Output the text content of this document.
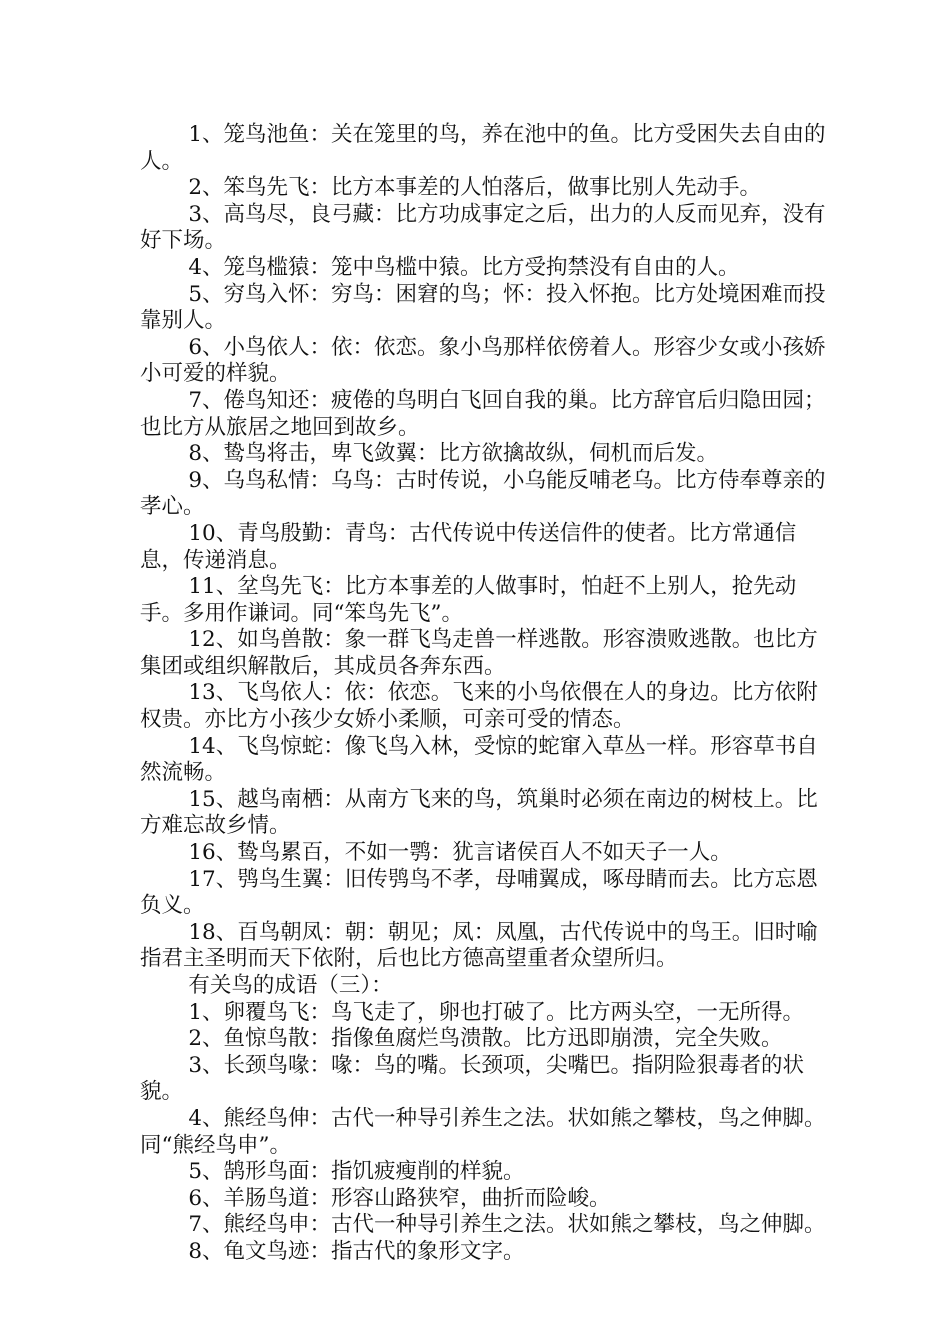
1、笼鸟池鱼：关在笼里的鸟，养在池中的鱼。比方受困失去自由的人。

2、笨鸟先飞：比方本事差的人怕落后，做事比别人先动手。

3、高鸟尽，良弓藏：比方功成事定之后，出力的人反而见弃，没有好下场。

4、笼鸟槛猿：笼中鸟槛中猿。比方受拘禁没有自由的人。

5、穷鸟入怀：穷鸟：困窘的鸟；怀：投入怀抱。比方处境困难而投靠别人。

6、小鸟依人：依：依恋。象小鸟那样依傍着人。形容少女或小孩娇小可爱的样貌。

7、倦鸟知还：疲倦的鸟明白飞回自我的巢。比方辞官后归隐田园；也比方从旅居之地回到故乡。

8、鸷鸟将击，卑飞敛翼：比方欲擒故纵，伺机而后发。

9、乌鸟私情：乌鸟：古时传说，小乌能反哺老乌。比方侍奉尊亲的孝心。

10、青鸟殷勤：青鸟：古代传说中传送信件的使者。比方常通信息，传递消息。

11、坌鸟先飞：比方本事差的人做事时，怕赶不上别人，抢先动手。多用作谦词。同“笨鸟先飞”。

12、如鸟兽散：象一群飞鸟走兽一样逃散。形容溃败逃散。也比方集团或组织解散后，其成员各奔东西。

13、飞鸟依人：依：依恋。飞来的小鸟依偎在人的身边。比方依附权贵。亦比方小孩少女娇小柔顺，可亲可受的情态。

14、飞鸟惊蛇：像飞鸟入林，受惊的蛇窜入草丛一样。形容草书自然流畅。

15、越鸟南栖：从南方飞来的鸟，筑巢时必须在南边的树枝上。比方难忘故乡情。

16、鸷鸟累百，不如一鹗：犹言诸侯百人不如天子一人。

17、鸮鸟生翼：旧传鸮鸟不孝，母哺翼成，啄母睛而去。比方忘恩负义。

18、百鸟朝凤：朝：朝见；凤：凤凰，古代传说中的鸟王。旧时喻指君主圣明而天下依附，后也比方德高望重者众望所归。

有关鸟的成语（三）：

1、卵覆鸟飞：鸟飞走了，卵也打破了。比方两头空，一无所得。

2、鱼惊鸟散：指像鱼腐烂鸟溃散。比方迅即崩溃，完全失败。

3、长颈鸟喙：喙：鸟的嘴。长颈项，尖嘴巴。指阴险狠毒者的状貌。

4、熊经鸟伸：古代一种导引养生之法。状如熊之攀枝，鸟之伸脚。同“熊经鸟申”。

5、鹄形鸟面：指饥疲瘦削的样貌。

6、羊肠鸟道：形容山路狭窄，曲折而险峻。

7、熊经鸟申：古代一种导引养生之法。状如熊之攀枝，鸟之伸脚。

8、龟文鸟迹：指古代的象形文字。
